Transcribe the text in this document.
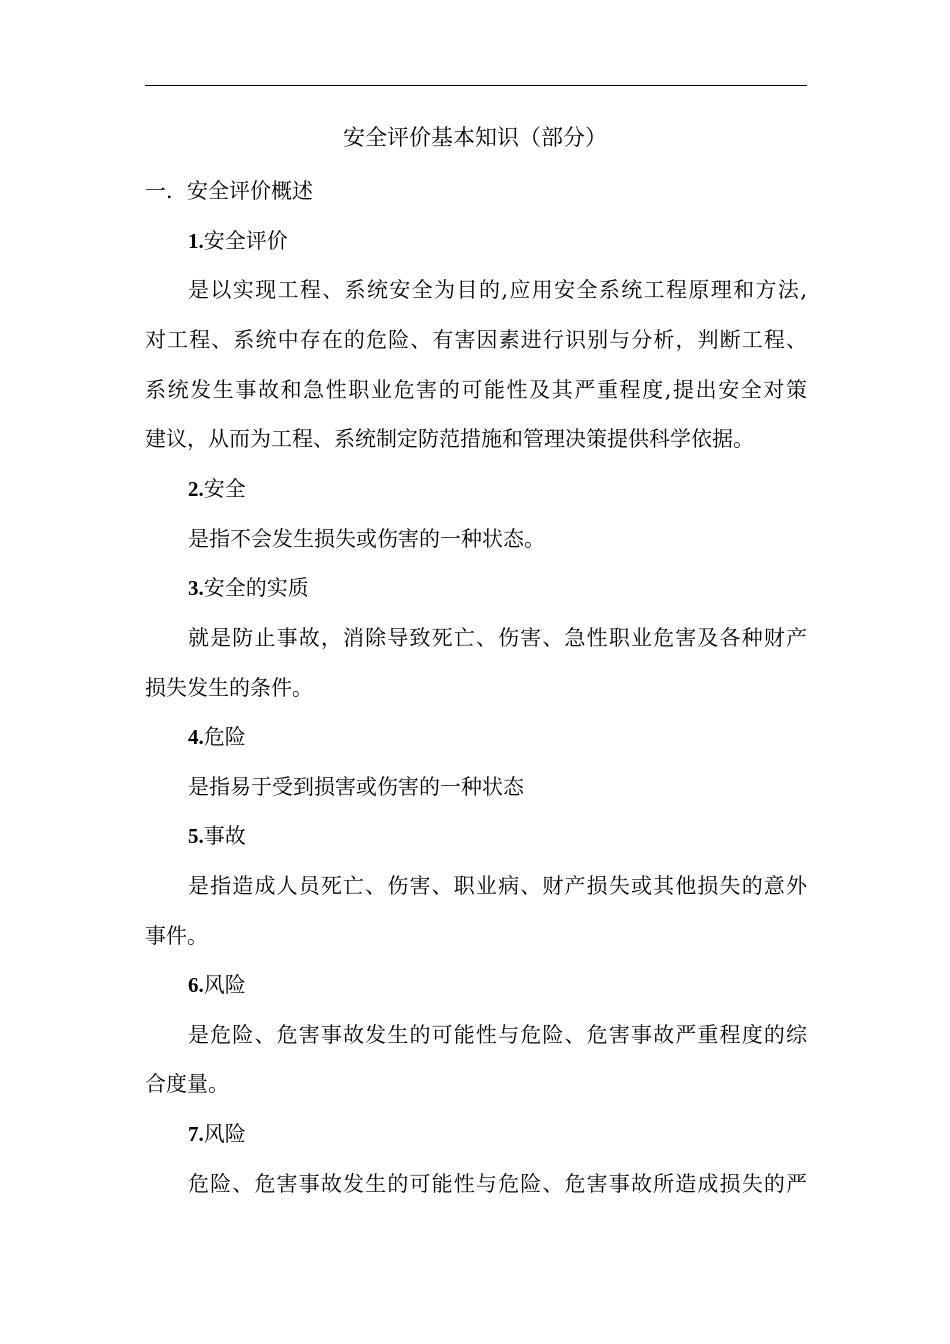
安全评价基本知识（部分）
一．安全评价概述
1.安全评价
是以实现工程、系统安全为目的,应用安全系统工程原理和方法,
对工程、系统中存在的危险、有害因素进行识别与分析，判断工程、
系统发生事故和急性职业危害的可能性及其严重程度,提出安全对策
建议，从而为工程、系统制定防范措施和管理决策提供科学依据。
2.安全
是指不会发生损失或伤害的一种状态。
3.安全的实质
就是防止事故，消除导致死亡、伤害、急性职业危害及各种财产
损失发生的条件。
4.危险
是指易于受到损害或伤害的一种状态
5.事故
是指造成人员死亡、伤害、职业病、财产损失或其他损失的意外
事件。
6.风险
是危险、危害事故发生的可能性与危险、危害事故严重程度的综
合度量。
7.风险
危险、危害事故发生的可能性与危险、危害事故所造成损失的严
